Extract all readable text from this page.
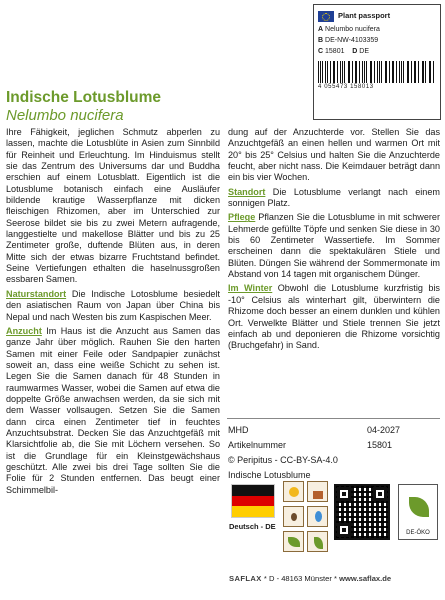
Plant passport
A Nelumbo nucifera
B DE-NW-4103359
C 15801 D DE
4 055473 158013
Indische Lotusblume
Nelumbo nucifera

Ihre Fähigkeit, jeglichen Schmutz abperlen zu lassen, machte die Lotusblüte in Asien zum Sinnbild für Reinheit und Erleuchtung. Im Hinduismus stellt sie das Zentrum des Universums dar und Buddha erschien auf einem Lotusblatt. Eigentlich ist die Lotusblume botanisch einfach eine Ausläufer bildende krautige Wasserpflanze mit dicken fleischigen Rhizomen, aber im Unterschied zur Seerose bildet sie bis zu zwei Metern aufragende, langgestielte und makellose Blätter und bis zu 25 Zentimeter große, duftende Blüten aus, in deren Mitte sich der etwas bizarre Fruchtstand befindet. Seine Vertiefungen ethalten die haselnussgroßen essbaren Samen.

Naturstandort Die Indische Lotosblume besiedelt den asiatischen Raum von Japan über China bis Nepal und nach Westen bis zum Kaspischen Meer.

Anzucht Im Haus ist die Anzucht aus Samen das ganze Jahr über möglich. Rauhen Sie den harten Samen mit einer Feile oder Sandpapier zunächst soweit an, dass eine weiße Schicht zu sehen ist. Legen Sie die Samen danach für 48 Stunden in raumwarmes Wasser, wobei die Samen auf etwa die doppelte Größe anwachsen werden, da sie sich mit dem Wasser vollsaugen. Setzen Sie die Samen dann circa einen Zentimeter tief in feuchtes Anzuchtsubstrat. Decken Sie das Anzuchtgefäß mit Klarsichtfolie ab, die Sie mit Löchern versehen. So ist die Grundlage für ein Kleinstgewächshaus geschützt. Alle zwei bis drei Tage sollten Sie die Folie für 2 Stunden entfernen. Das beugt einer Schimmelbil-

dung auf der Anzuchterde vor. Stellen Sie das Anzuchtgefäß an einen hellen und warmen Ort mit 20° bis 25° Celsius und halten Sie die Anzuchterde feucht, aber nicht nass. Die Keimdauer beträgt dann ein bis vier Wochen.

Standort Die Lotusblume verlangt nach einem sonnigen Platz.

Pflege Pflanzen Sie die Lotusblume in mit schwerer Lehmerde gefüllte Töpfe und senken Sie diese in 30 bis 60 Zentimeter Wassertiefe. Im Sommer erscheinen dann die spektakulären Stiele und Blüten. Düngen Sie während der Sommermonate im Abstand von 14 tagen mit organischem Dünger.

Im Winter Obwohl die Lotusblume kurzfristig bis -10° Celsius als winterhart gilt, überwintern die Rhizome doch besser an einem dunklen und kühlen Ort. Verwelkte Blätter und Stiele trennen Sie jetzt einfach ab und deponieren die Rhizome vorsichtig (Bruchgefahr) in Sand.

MHD	04-2027
Artikelnummer	15801
© Peripitus - CC-BY-SA-4.0
Indische Lotusblume
Deutsch - DE
DE-ÖKO
SAFLAX * D - 48163 Münster * www.saflax.de
